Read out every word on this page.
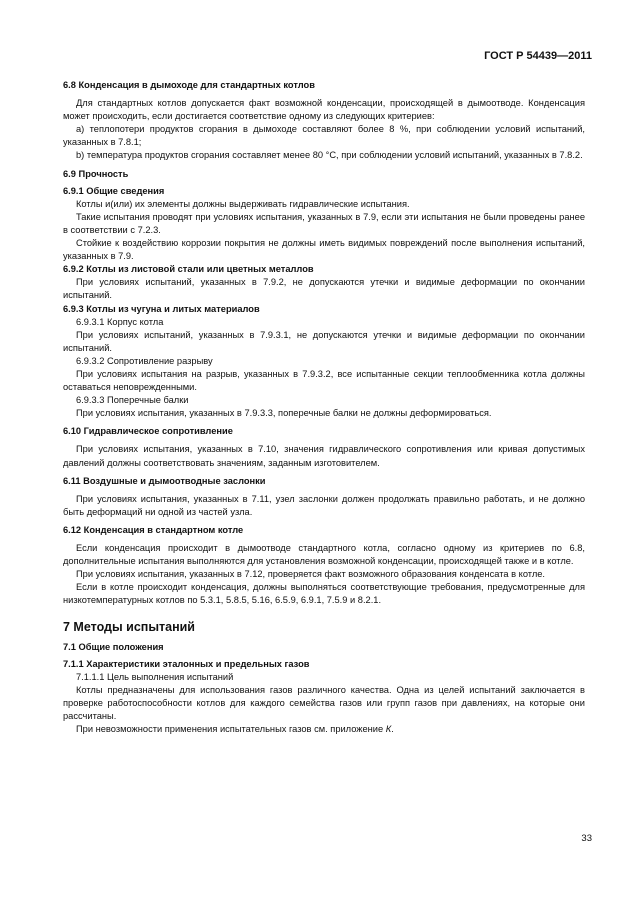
ГОСТ Р 54439—2011
6.8 Конденсация в дымоходе для стандартных котлов
Для стандартных котлов допускается факт возможной конденсации, происходящей в дымоотводе. Конденсация может происходить, если достигается соответствие одному из следующих критериев:
а) теплопотери продуктов сгорания в дымоходе составляют более 8 %, при соблюдении условий испытаний, указанных в 7.8.1;
b) температура продуктов сгорания составляет менее 80 °С, при соблюдении условий испытаний, указанных в 7.8.2.
6.9 Прочность
6.9.1 Общие сведения
Котлы и(или) их элементы должны выдерживать гидравлические испытания.
Такие испытания проводят при условиях испытания, указанных в 7.9, если эти испытания не были проведены ранее в соответствии с 7.2.3.
Стойкие к воздействию коррозии покрытия не должны иметь видимых повреждений после выполнения испытаний, указанных в 7.9.
6.9.2 Котлы из листовой стали или цветных металлов
При условиях испытаний, указанных в 7.9.2, не допускаются утечки и видимые деформации по окончании испытаний.
6.9.3 Котлы из чугуна и литых материалов
6.9.3.1 Корпус котла
При условиях испытаний, указанных в 7.9.3.1, не допускаются утечки и видимые деформации по окончании испытаний.
6.9.3.2 Сопротивление разрыву
При условиях испытания на разрыв, указанных в 7.9.3.2, все испытанные секции теплообменника котла должны оставаться неповрежденными.
6.9.3.3 Поперечные балки
При условиях испытания, указанных в 7.9.3.3, поперечные балки не должны деформироваться.
6.10 Гидравлическое сопротивление
При условиях испытания, указанных в 7.10, значения гидравлического сопротивления или кривая допустимых давлений должны соответствовать значениям, заданным изготовителем.
6.11 Воздушные и дымоотводные заслонки
При условиях испытания, указанных в 7.11, узел заслонки должен продолжать правильно работать, и не должно быть деформаций ни одной из частей узла.
6.12 Конденсация в стандартном котле
Если конденсация происходит в дымоотводе стандартного котла, согласно одному из критериев по 6.8, дополнительные испытания выполняются для установления возможной конденсации, происходящей также и в котле.
При условиях испытания, указанных в 7.12, проверяется факт возможного образования конденсата в котле.
Если в котле происходит конденсация, должны выполняться соответствующие требования, предусмотренные для низкотемпературных котлов по 5.3.1, 5.8.5, 5.16, 6.5.9, 6.9.1, 7.5.9 и 8.2.1.
7 Методы испытаний
7.1 Общие положения
7.1.1 Характеристики эталонных и предельных газов
7.1.1.1 Цель выполнения испытаний
Котлы предназначены для использования газов различного качества. Одна из целей испытаний заключается в проверке работоспособности котлов для каждого семейства газов или групп газов при давлениях, на которые они рассчитаны.
При невозможности применения испытательных газов см. приложение К.
33
